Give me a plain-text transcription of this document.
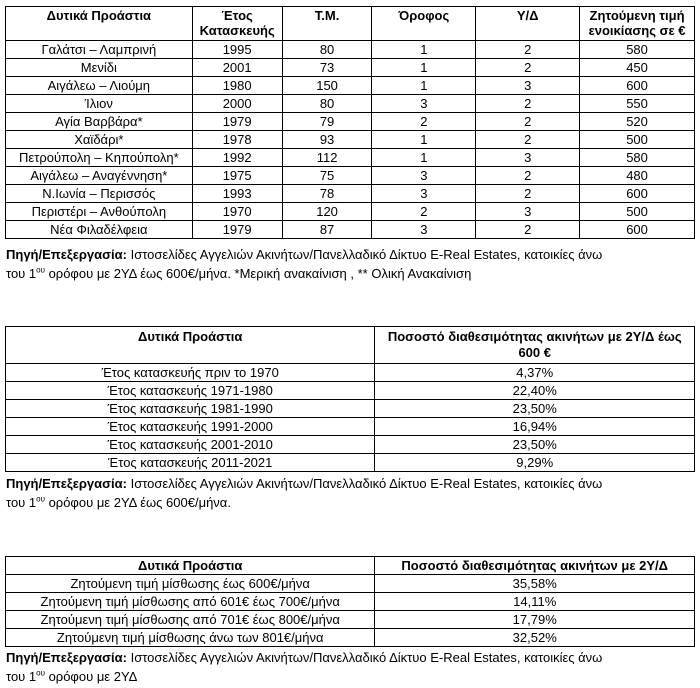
Δυτικά Προάστια	Έτος Κατασκευής	Τ.Μ.	Όροφος	Υ/Δ	Ζητούμενη τιμή ενοικίασης σε €
Γαλάτσι – Λαμπρινή	1995	80	1	2	580
Μενίδι	2001	73	1	2	450
Αιγάλεω – Λιούμη	1980	150	1	3	600
Ίλιον	2000	80	3	2	550
Αγία Βαρβάρα*	1979	79	2	2	520
Χαϊδάρι*	1978	93	1	2	500
Πετρούπολη – Κηπούπολη*	1992	112	1	3	580
Αιγάλεω – Αναγέννηση*	1975	75	3	2	480
Ν.Ιωνία – Περισσός	1993	78	3	2	600
Περιστέρι – Ανθούπολη	1970	120	2	3	500
Νέα Φιλαδέλφεια	1979	87	3	2	600
Πηγή/Επεξεργασία: Ιστοσελίδες Αγγελιών Ακινήτων/Πανελλαδικό Δίκτυο E-Real Estates, κατοικίες άνω
του $1^{o\upsilon}$ ορόφου με 2ΥΔ έως 600€/μήνα. *Μερική ανακαίνιση , ** Ολική Ανακαίνιση
Δυτικά Προάστια	Ποσοστό διαθεσιμότητας ακινήτων με 2Υ/Δ έως 600 €
Έτος κατασκευής πριν το 1970	4,37%
Έτος κατασκευής 1971-1980	22,40%
Έτος κατασκευής 1981-1990	23,50%
Έτος κατασκευής 1991-2000	16,94%
Έτος κατασκευής 2001-2010	23,50%
Έτος κατασκευής 2011-2021	9,29%
Πηγή/Επεξεργασία: Ιστοσελίδες Αγγελιών Ακινήτων/Πανελλαδικό Δίκτυο E-Real Estates, κατοικίες άνω
του $1^{o\upsilon}$ ορόφου με 2ΥΔ έως 600€/μήνα.
Δυτικά Προάστια	Ποσοστό διαθεσιμότητας ακινήτων με 2Υ/Δ
Ζητούμενη τιμή μίσθωσης έως 600€/μήνα	35,58%
Ζητούμενη τιμή μίσθωσης από 601€ έως 700€/μήνα	14,11%
Ζητούμενη τιμή μίσθωσης από 701€ έως 800€/μήνα	17,79%
Ζητούμενη τιμή μίσθωσης άνω των 801€/μήνα	32,52%
Πηγή/Επεξεργασία: Ιστοσελίδες Αγγελιών Ακινήτων/Πανελλαδικό Δίκτυο E-Real Estates, κατοικίες άνω
του $1^{o\upsilon}$ ορόφου με 2ΥΔ
